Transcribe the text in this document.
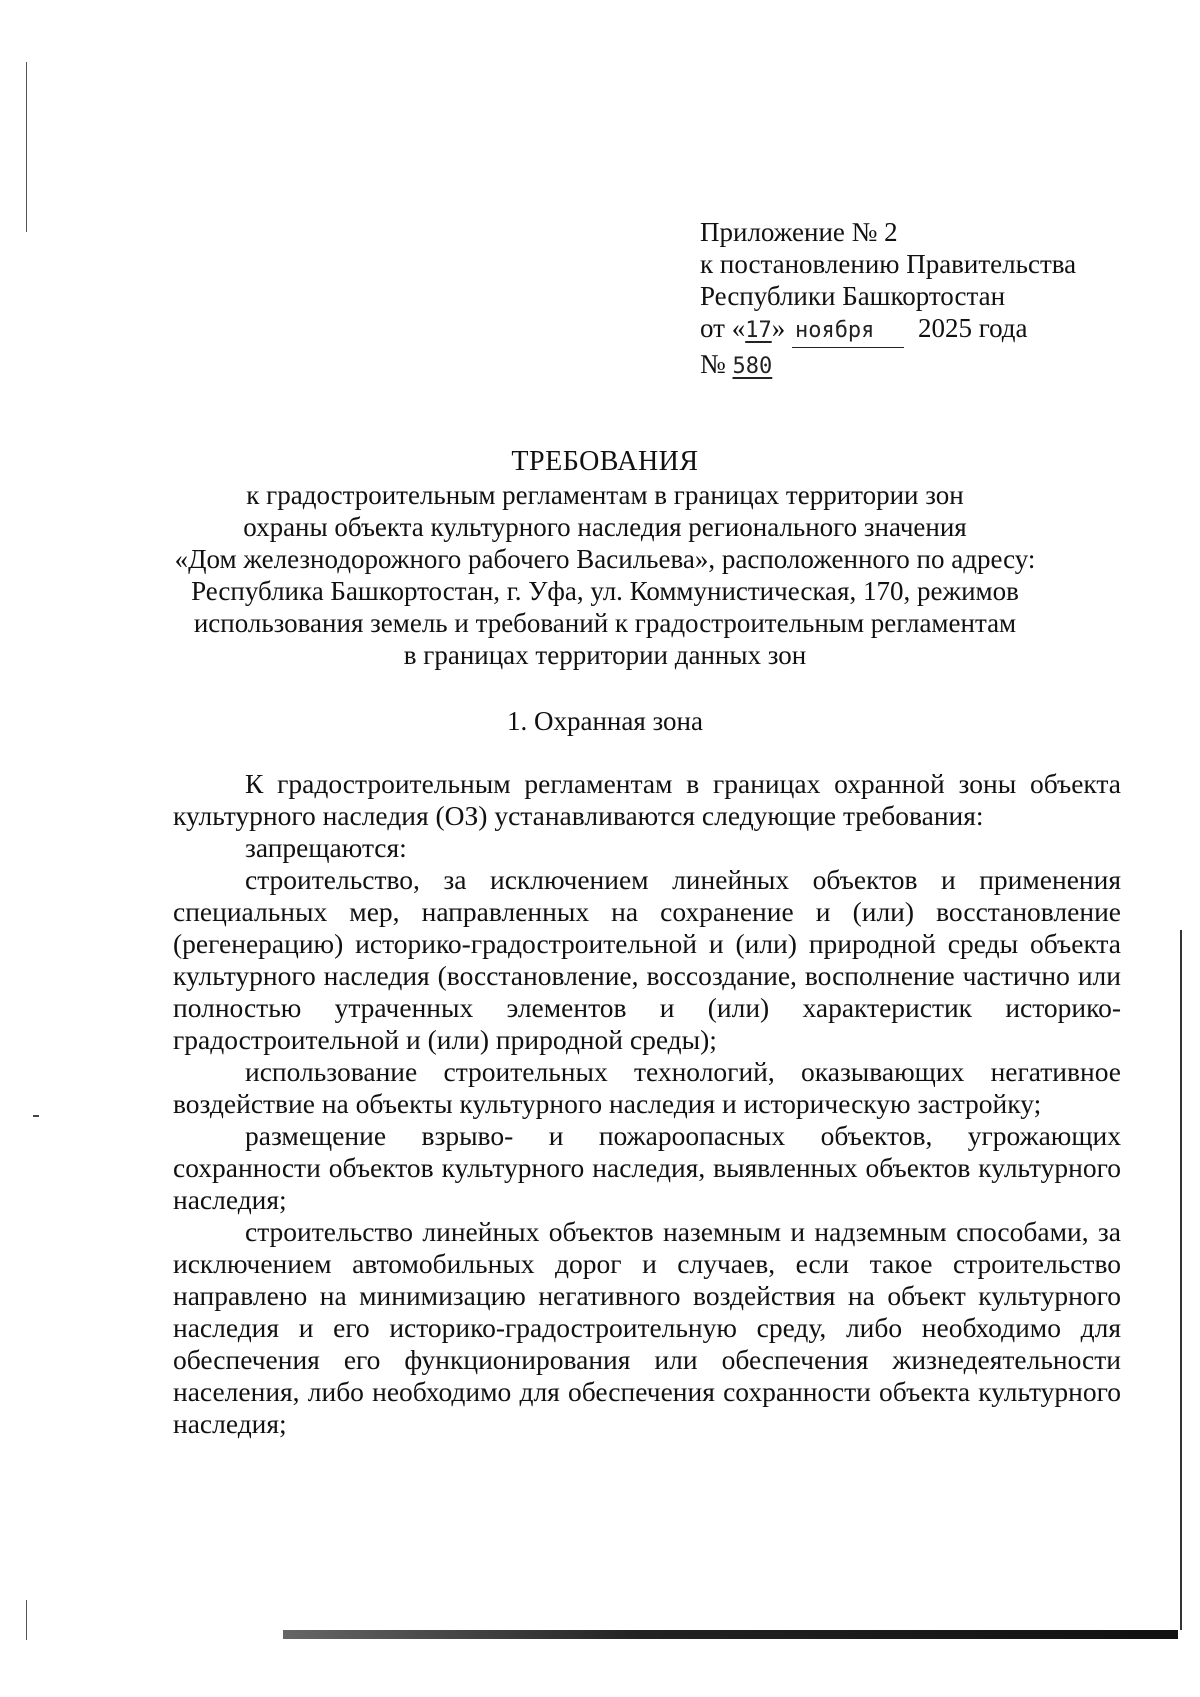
Приложение № 2
к постановлению Правительства
Республики Башкортостан
от «17» ноября 2025 года
№ 580
ТРЕБОВАНИЯ
к градостроительным регламентам в границах территории зон
охраны объекта культурного наследия регионального значения
«Дом железнодорожного рабочего Васильева», расположенного по адресу:
Республика Башкортостан, г. Уфа, ул. Коммунистическая, 170, режимов
использования земель и требований к градостроительным регламентам
в границах территории данных зон
1. Охранная зона

К градостроительным регламентам в границах охранной зоны объекта культурного наследия (ОЗ) устанавливаются следующие требования:

запрещаются:

строительство, за исключением линейных объектов и применения специальных мер, направленных на сохранение и (или) восстановление (регенерацию) историко-градостроительной и (или) природной среды объекта культурного наследия (восстановление, воссоздание, восполнение частично или полностью утраченных элементов и (или) характеристик историко-градостроительной и (или) природной среды);

использование строительных технологий, оказывающих негативное воздействие на объекты культурного наследия и историческую застройку;

размещение взрыво- и пожароопасных объектов, угрожающих сохранности объектов культурного наследия, выявленных объектов культурного наследия;

строительство линейных объектов наземным и надземным способами, за исключением автомобильных дорог и случаев, если такое строительство направлено на минимизацию негативного воздействия на объект культурного наследия и его историко-градостроительную среду, либо необходимо для обеспечения его функционирования или обеспечения жизнедеятельности населения, либо необходимо для обеспечения сохранности объекта культурного наследия;
